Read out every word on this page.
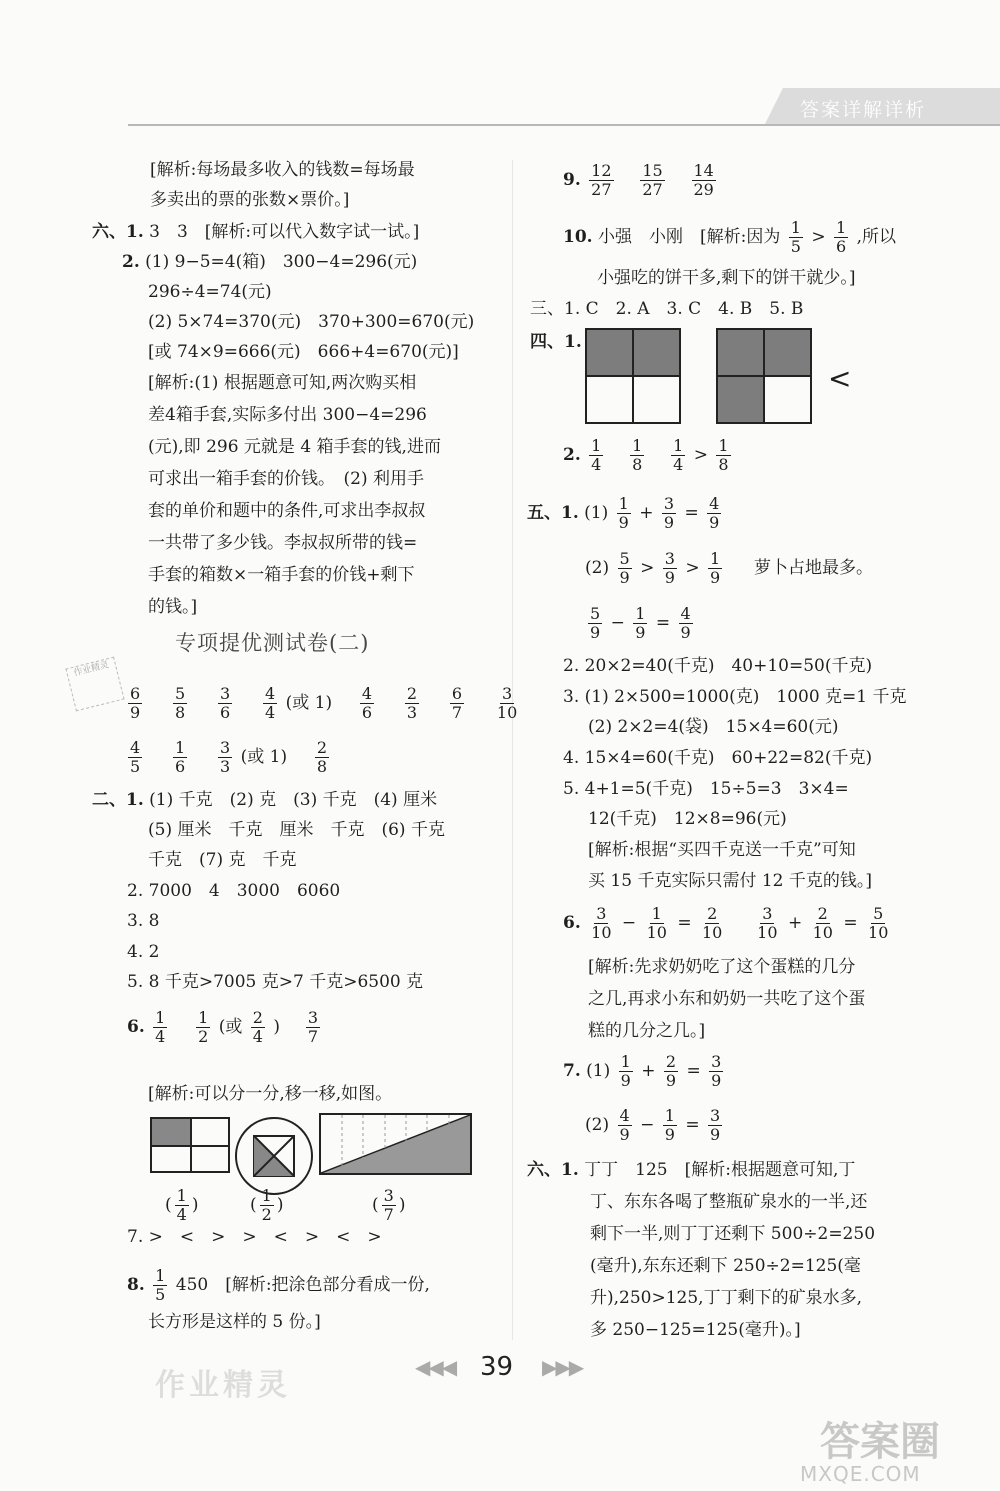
答案详解详析
[解析:每场最多收入的钱数=每场最
多卖出的票的张数×票价。]
六、1. 3　3　[解析:可以代入数字试一试。]
2. (1) 9−5=4(箱)　300−4=296(元)
296÷4=74(元)
(2) 5×74=370(元)　370+300=670(元)
[或 74×9=666(元)　666+4=670(元)]
[解析:(1) 根据题意可知,两次购买相
差4箱手套,实际多付出 300−4=296
(元),即 296 元就是 4 箱手套的钱,进而
可求出一箱手套的价钱。　(2) 利用手
套的单价和题中的条件,可求出李叔叔
一共带了多少钱。李叔叔所带的钱=
手套的箱数×一箱手套的价钱+剩下
的钱。]
专项提优测试卷(二)
作业精灵
$\frac{6}{9}$
$\frac{5}{8}$
$\frac{3}{6}$
$\frac{4}{4}$ (或 $1) \frac{4}{6}$
$\frac{2}{3}$
$\frac{6}{7}$
$\frac{3}{10}$
$\frac{4}{5}$
$\frac{1}{6}$
$\frac{3}{3}$ (或 $1) \frac{2}{8}$
二、1. (1) 千克　(2) 克　(3) 千克　(4) 厘米
(5) 厘米　千克　厘米　千克　(6) 千克
千克　(7) 克　千克
2. 7000　4　3000　6060
3. 8
4. 2
5. 8 千克>7005 克>7 千克>6500 克
6. $\frac{1}{4}$
$\frac{1}{2}$ (或 $\frac{2}{4}$ ) $\frac{3}{7}$
[解析:可以分一分,移一移,如图。
( $\frac{1}{4}$ )	( $\frac{1}{2}$ )	( $\frac{3}{7}$ )
7. >　<　>　>　<　>　<　>
8. $\frac{1}{5} 450$　[解析:把涂色部分看成一份,
长方形是这样的 5 份。]
9. $\frac{12}{27}$
$\frac{15}{27}$
$\frac{14}{29}$
10. 小强　小刚　[解析:因为 $\frac{1}{5} > \frac{1}{6}$ ,所以
小强吃的饼干多,剩下的饼干就少。]
三、1. C　2. A　3. C　4. B　5. B
四、1.
<
2. $\frac{1}{4}$
$\frac{1}{8}$
$\frac{1}{4} > \frac{1}{8}$
五、1. $(1) \frac{1}{9} + \frac{3}{9} = \frac{4}{9}$
$(2) \frac{5}{9} > \frac{3}{9} > \frac{1}{9}$ 萝卜占地最多。
$\frac{5}{9} - \frac{1}{9} = \frac{4}{9}$
2. 20×2=40(千克)　40+10=50(千克)
3. (1) 2×500=1000(克)　1000 克=1 千克
(2) 2×2=4(袋)　15×4=60(元)
4. 15×4=60(千克)　60+22=82(千克)
5. 4+1=5(千克)　15÷5=3　3×4=
12(千克)　12×8=96(元)
[解析:根据“买四千克送一千克”可知
买 15 千克实际只需付 12 千克的钱。]
6. $\frac{3}{10} - \frac{1}{10} = \frac{2}{10}$
$\frac{3}{10} + \frac{2}{10} = \frac{5}{10}$
[解析:先求奶奶吃了这个蛋糕的几分
之几,再求小东和奶奶一共吃了这个蛋
糕的几分之几。]
7. $(1) \frac{1}{9} + \frac{2}{9} = \frac{3}{9}$
$(2) \frac{4}{9} - \frac{1}{9} = \frac{3}{9}$
六、1. 丁丁　125　[解析:根据题意可知,丁
丁、东东各喝了整瓶矿泉水的一半,还
剩下一半,则丁丁还剩下 500÷2=250
(毫升),东东还剩下 250÷2=125(毫
升),250>125,丁丁剩下的矿泉水多,
多 250−125=125(毫升)。]
◀◀◀ 39 ▶▶▶
作业精灵
答案圈
MXQE.COM
